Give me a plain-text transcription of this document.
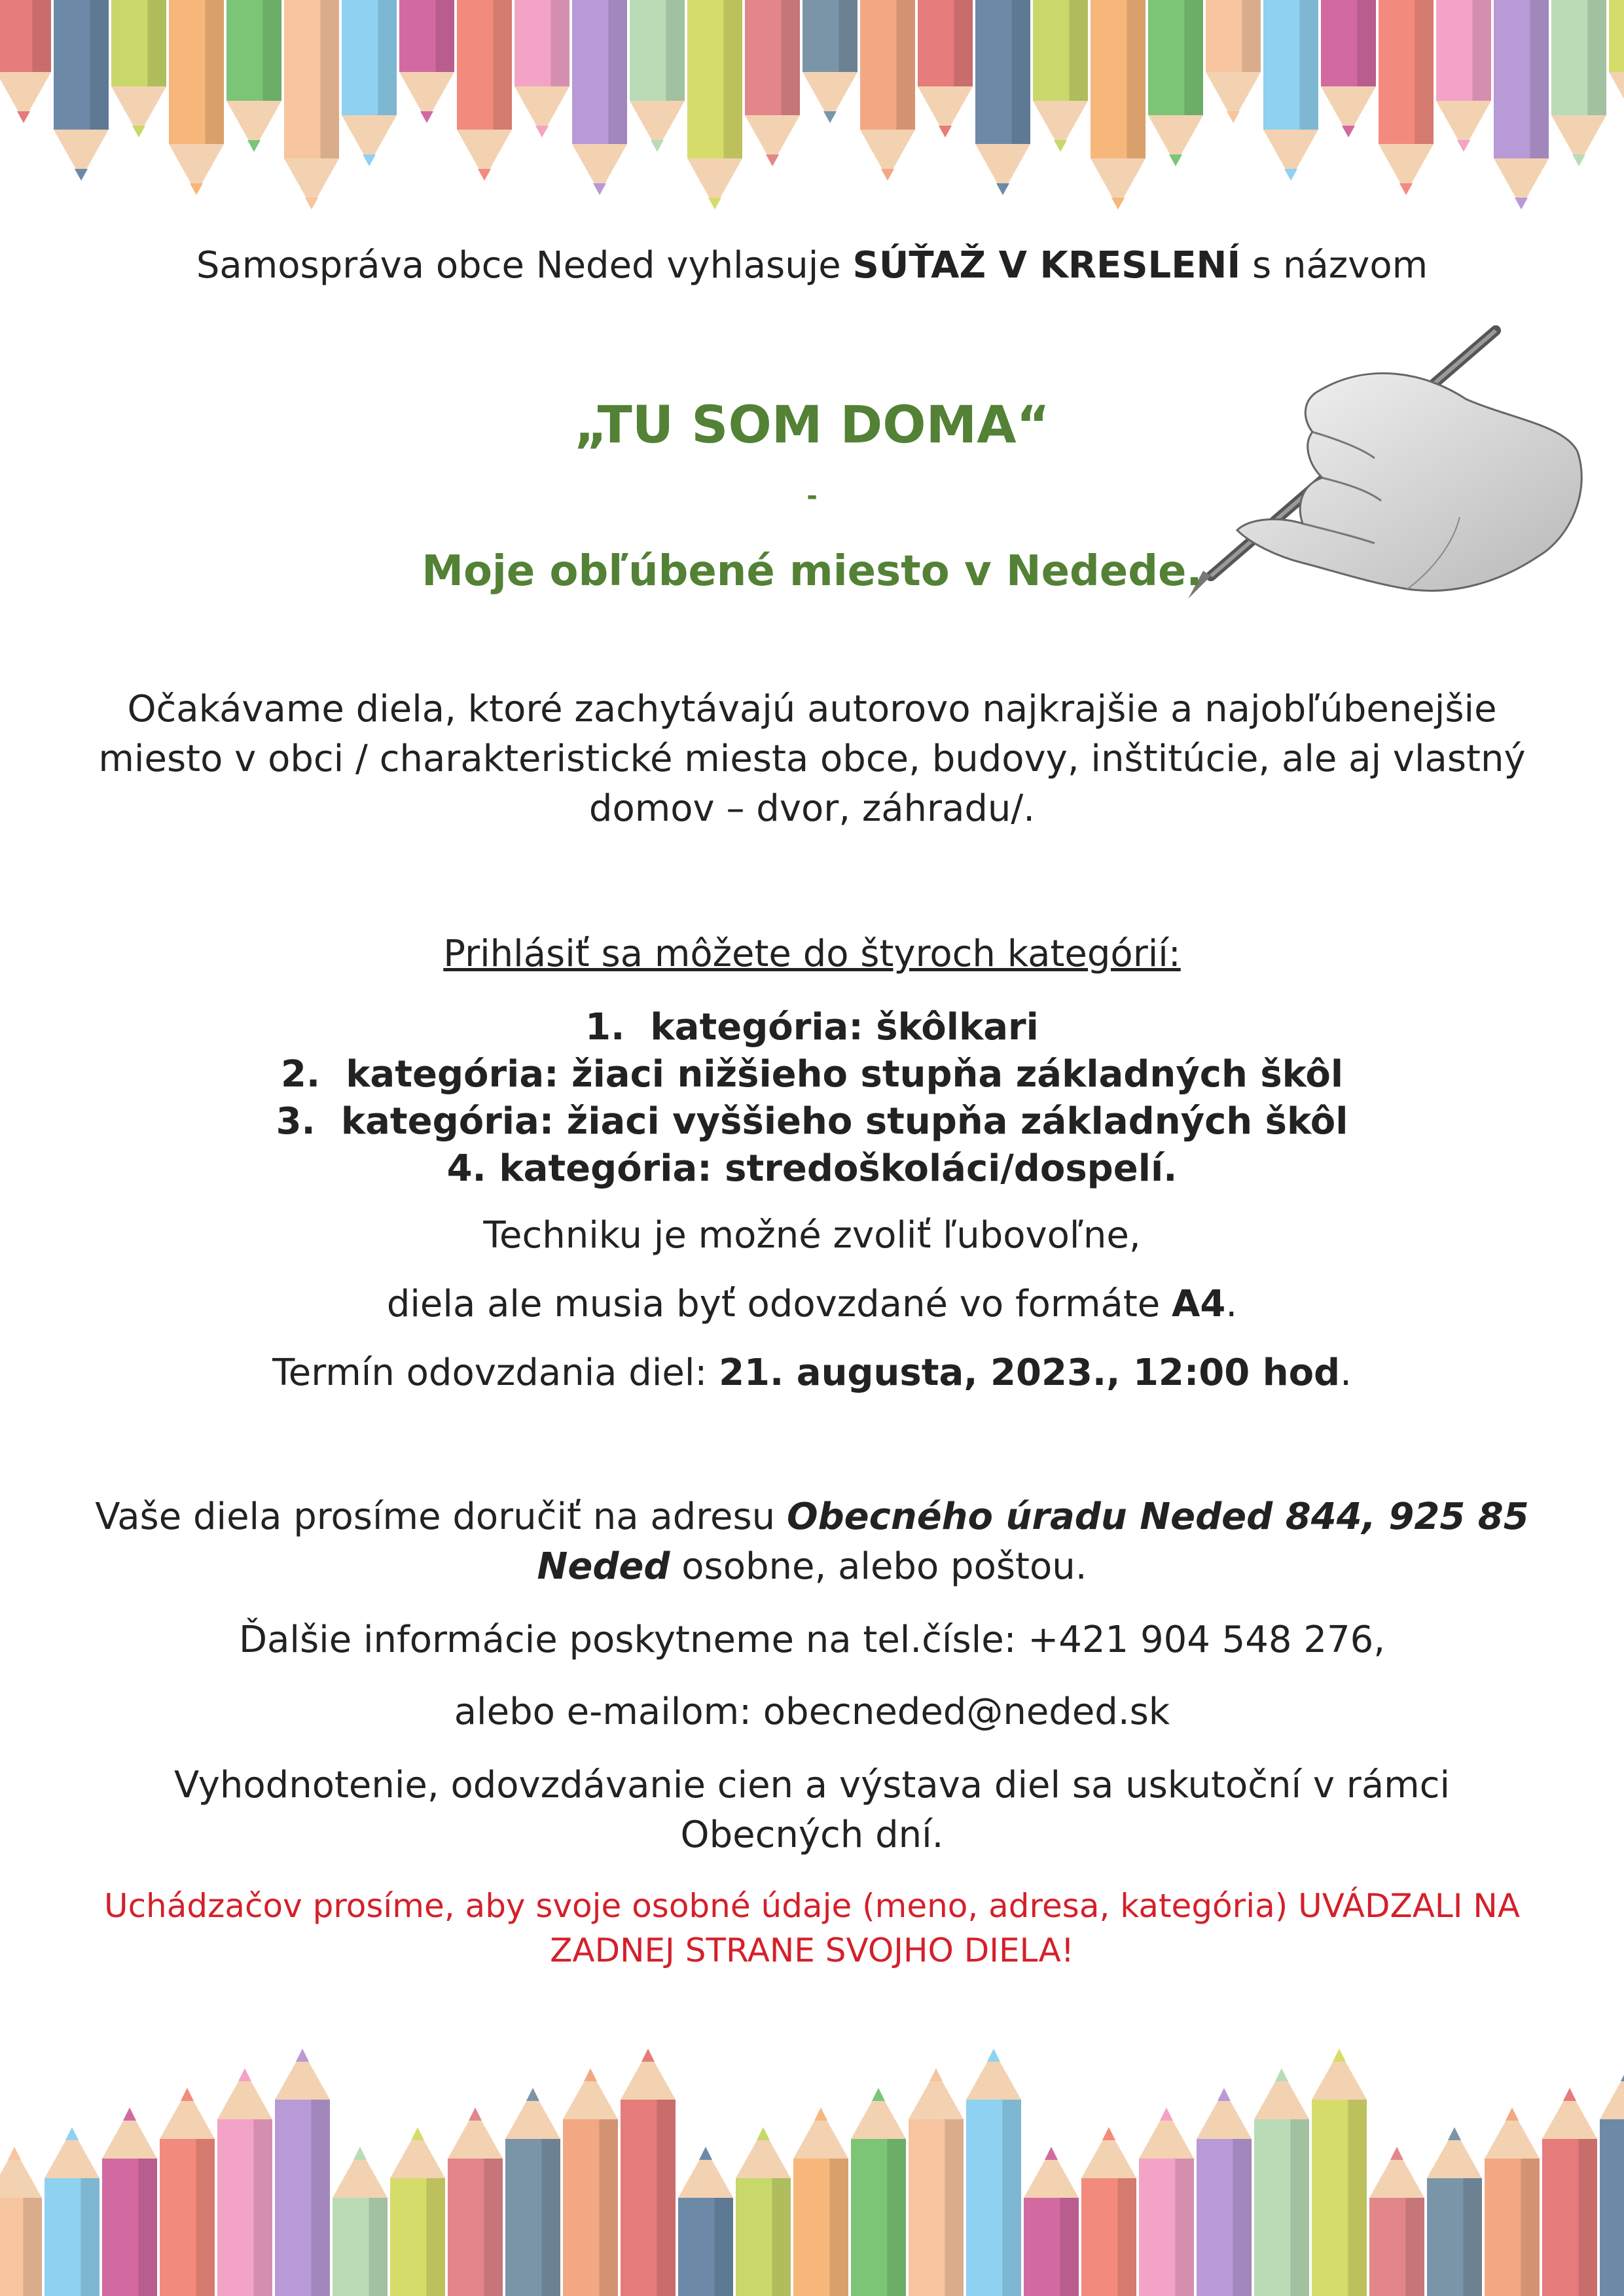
Samospráva obce Neded vyhlasuje SÚŤAŽ V KRESLENÍ s názvom
„TU SOM DOMA“
-
Moje obľúbené miesto v Nedede.
Očakávame diela, ktoré zachytávajú autorovo najkrajšie a najobľúbenejšie
miesto v obci / charakteristické miesta obce, budovy, inštitúcie, ale aj vlastný
domov – dvor, záhradu/.
Prihlásiť sa môžete do štyroch kategórií:
1. kategória: škôlkari
2. kategória: žiaci nižšieho stupňa základných škôl
3. kategória: žiaci vyššieho stupňa základných škôl
4. kategória: stredoškoláci/dospelí.
Techniku je možné zvoliť ľubovoľne,
diela ale musia byť odovzdané vo formáte A4.
Termín odovzdania diel: 21. augusta, 2023., 12:00 hod.
Vaše diela prosíme doručiť na adresu Obecného úradu Neded 844, 925 85
Neded osobne, alebo poštou.
Ďalšie informácie poskytneme na tel.čísle: +421 904 548 276,
alebo e-mailom: obecneded@neded.sk
Vyhodnotenie, odovzdávanie cien a výstava diel sa uskutoční v rámci
Obecných dní.
Uchádzačov prosíme, aby svoje osobné údaje (meno, adresa, kategória) UVÁDZALI NA
ZADNEJ STRANE SVOJHO DIELA!
